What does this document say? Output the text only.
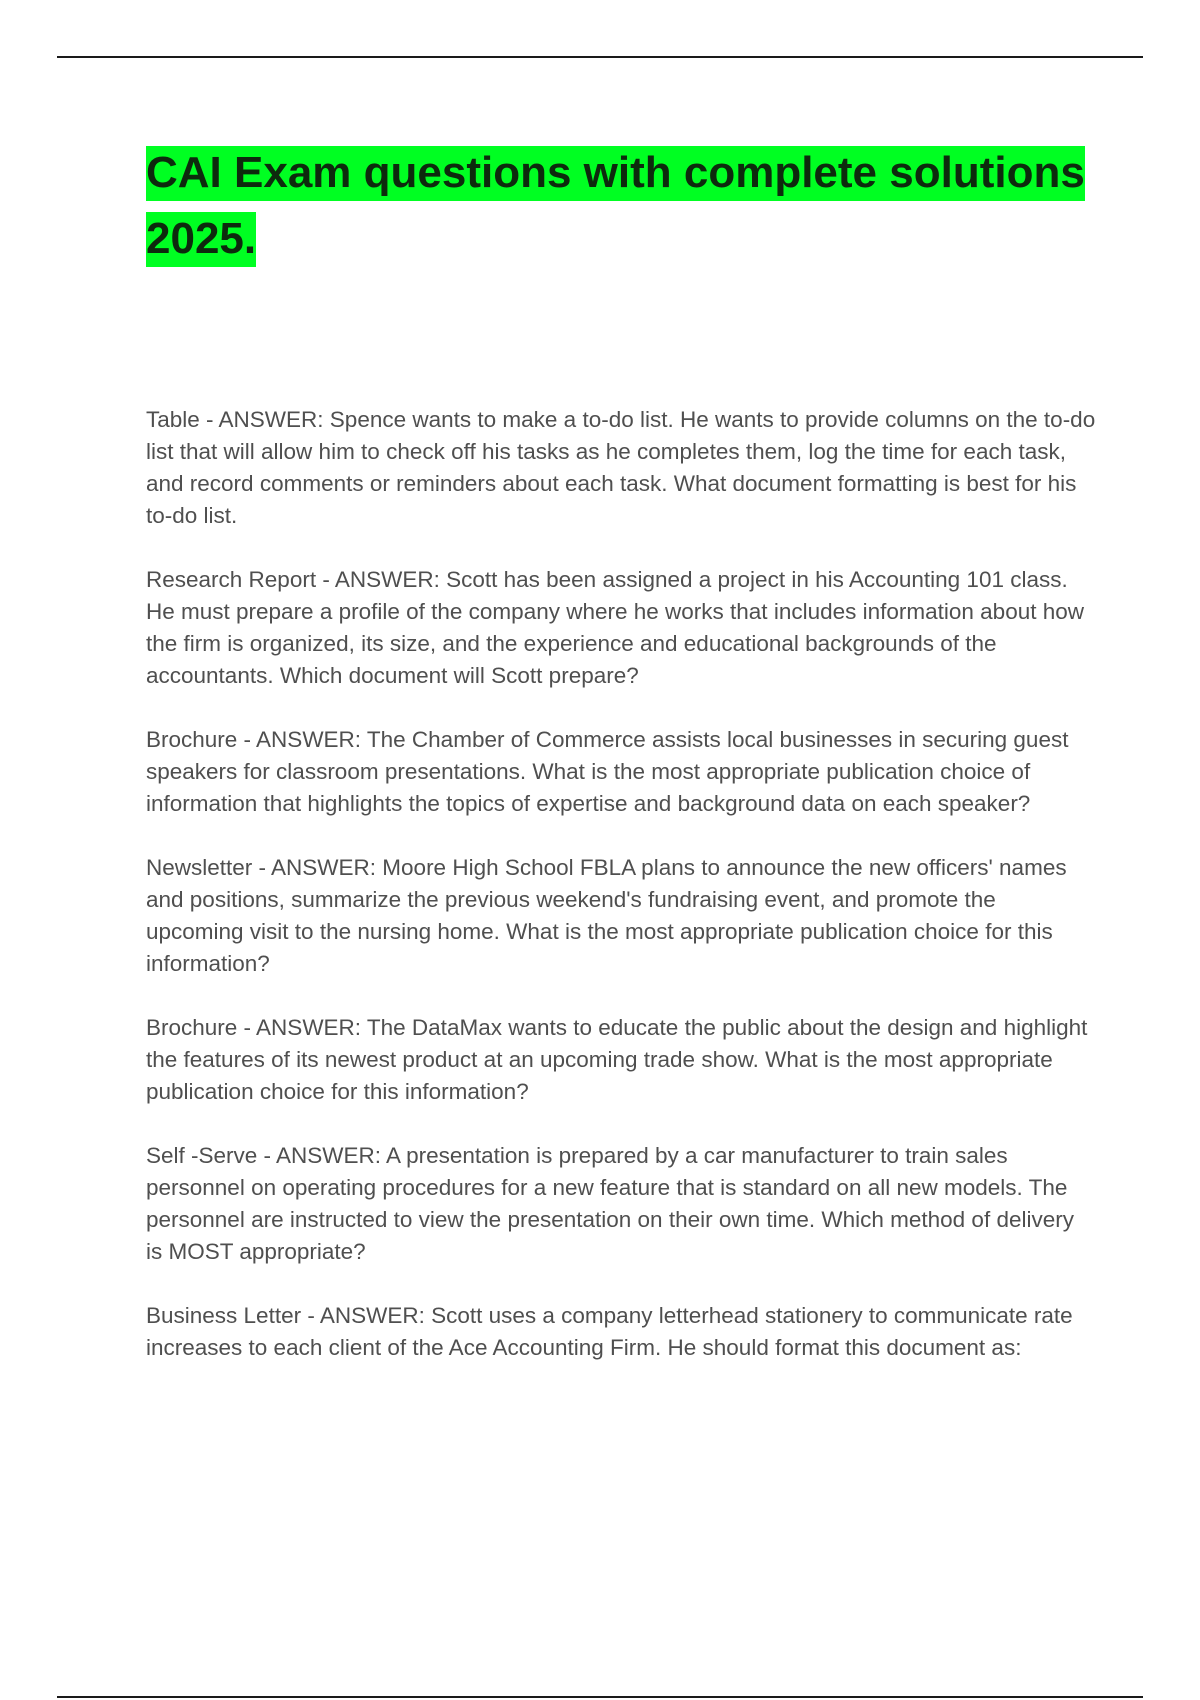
CAI Exam questions with complete solutions 2025.

Table - ANSWER: Spence wants to make a to-do list. He wants to provide columns on the to-do list that will allow him to check off his tasks as he completes them, log the time for each task, and record comments or reminders about each task. What document formatting is best for his to-do list.

Research Report - ANSWER: Scott has been assigned a project in his Accounting 101 class. He must prepare a profile of the company where he works that includes information about how the firm is organized, its size, and the experience and educational backgrounds of the accountants. Which document will Scott prepare?

Brochure - ANSWER: The Chamber of Commerce assists local businesses in securing guest speakers for classroom presentations. What is the most appropriate publication choice of information that highlights the topics of expertise and background data on each speaker?

Newsletter - ANSWER: Moore High School FBLA plans to announce the new officers' names and positions, summarize the previous weekend's fundraising event, and promote the upcoming visit to the nursing home. What is the most appropriate publication choice for this information?

Brochure - ANSWER: The DataMax wants to educate the public about the design and highlight the features of its newest product at an upcoming trade show. What is the most appropriate publication choice for this information?

Self -Serve - ANSWER: A presentation is prepared by a car manufacturer to train sales personnel on operating procedures for a new feature that is standard on all new models. The personnel are instructed to view the presentation on their own time. Which method of delivery is MOST appropriate?

Business Letter - ANSWER: Scott uses a company letterhead stationery to communicate rate increases to each client of the Ace Accounting Firm. He should format this document as:
